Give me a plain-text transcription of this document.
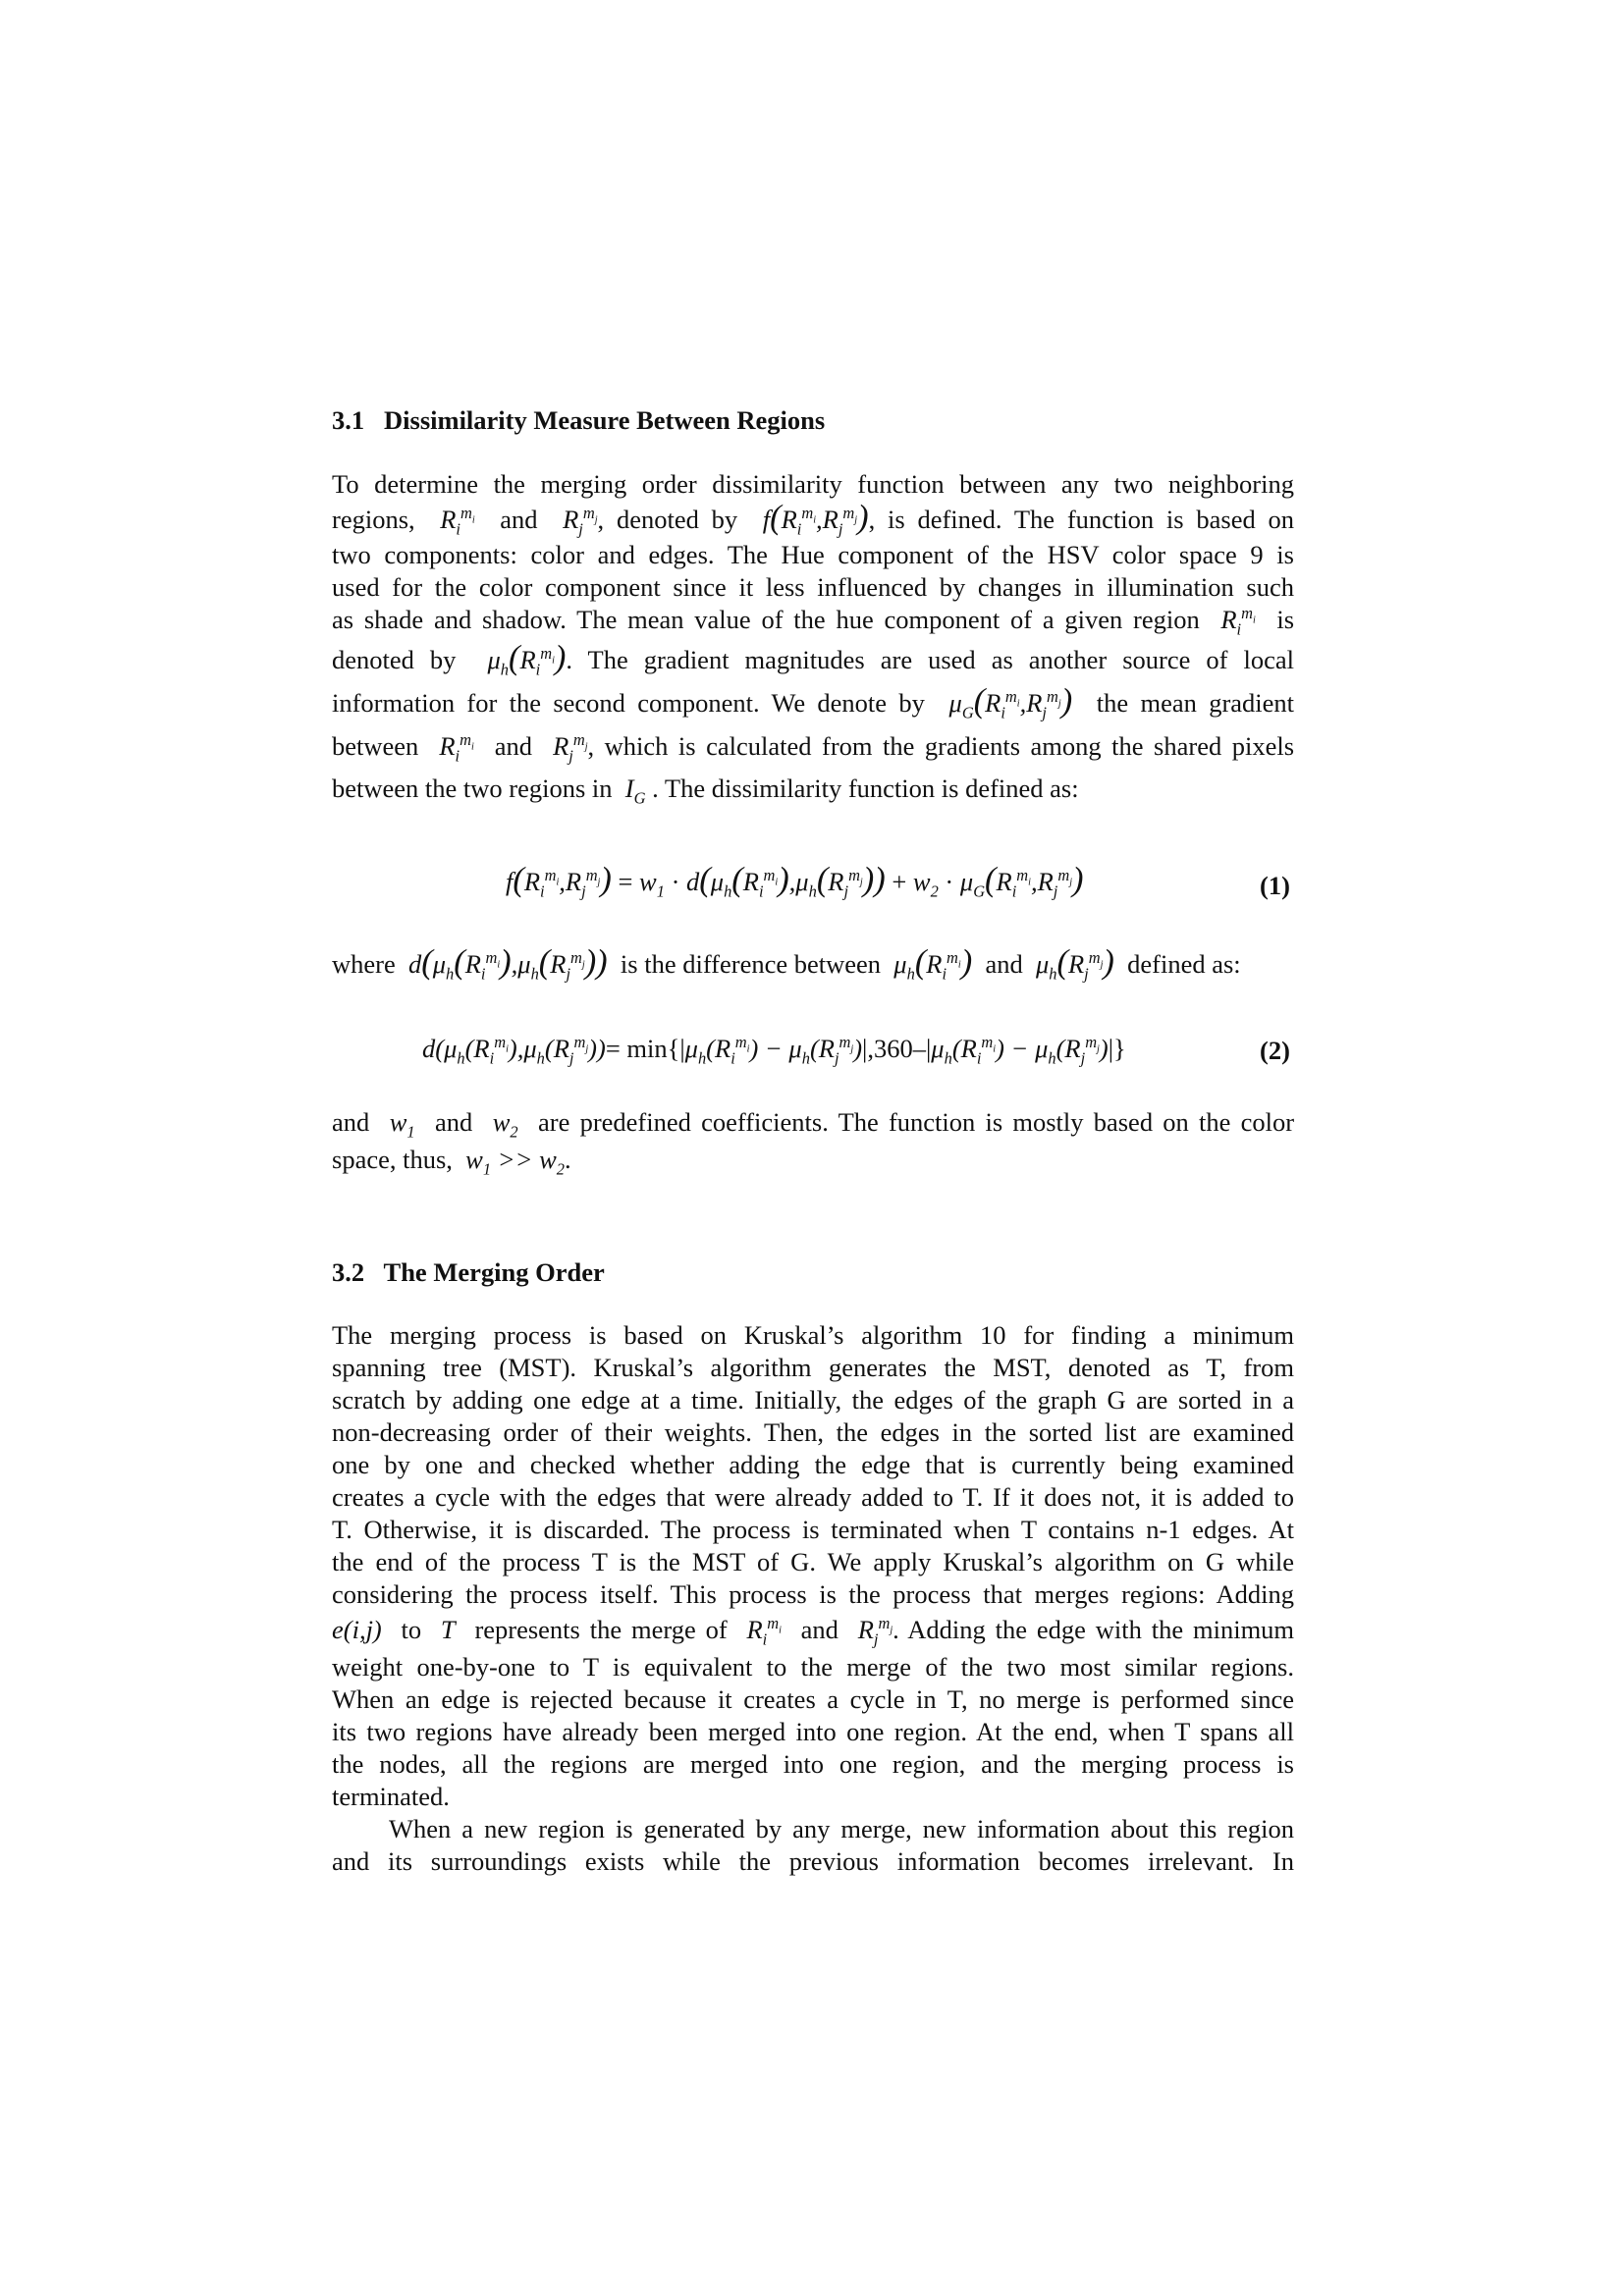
3.1   Dissimilarity Measure Between Regions
To determine the merging order dissimilarity function between any two neighboring
regions, $R_i^{m_i}$ and $R_j^{m_j}$, denoted by $f(R_i^{m_i},R_j^{m_j})$, is defined. The function is based on
two components: color and edges. The Hue component of the HSV color space 9 is
used for the color component since it less influenced by changes in illumination such
as shade and shadow. The mean value of the hue component of a given region $R_i^{m_i}$ is
denoted by $\mu_h(R_i^{m_i})$. The gradient magnitudes are used as another source of local
information for the second component. We denote by $\mu_G(R_i^{m_i},R_j^{m_j})$ the mean gradient
between $R_i^{m_i}$ and $R_j^{m_j}$, which is calculated from the gradients among the shared pixels
between the two regions in $I_G$ . The dissimilarity function is defined as:
$f(R_i^{m_i},R_j^{m_j}) = w_1 \cdot d(\mu_h(R_i^{m_i}),\mu_h(R_j^{m_j})) + w_2 \cdot \mu_G(R_i^{m_i},R_j^{m_j})$	(1)
where $d(\mu_h(R_i^{m_i}),\mu_h(R_j^{m_j}))$ is the difference between $\mu_h(R_i^{m_i})$ and $\mu_h(R_j^{m_j})$ defined as:
$d(\mu_h(R_i^{m_i}),\mu_h(R_j^{m_j}))= \min\{|\mu_h(R_i^{m_i}) - \mu_h(R_j^{m_j})|,360-|\mu_h(R_i^{m_i}) - \mu_h(R_j^{m_j})|\}$	(2)
and $w_1$ and $w_2$ are predefined coefficients. The function is mostly based on the color
space, thus, $w_1 >> w_2$.
3.2   The Merging Order
The merging process is based on Kruskal’s algorithm 10 for finding a minimum
spanning tree (MST). Kruskal’s algorithm generates the MST, denoted as T, from
scratch by adding one edge at a time. Initially, the edges of the graph G are sorted in a
non-decreasing order of their weights. Then, the edges in the sorted list are examined
one by one and checked whether adding the edge that is currently being examined
creates a cycle with the edges that were already added to T. If it does not, it is added to
T. Otherwise, it is discarded. The process is terminated when T contains n-1 edges. At
the end of the process T is the MST of G. We apply Kruskal’s algorithm on G while
considering the process itself. This process is the process that merges regions: Adding
e(i,j) to T represents the merge of $R_i^{m_i}$ and $R_j^{m_j}$. Adding the edge with the minimum
weight one-by-one to T is equivalent to the merge of the two most similar regions.
When an edge is rejected because it creates a cycle in T, no merge is performed since
its two regions have already been merged into one region. At the end, when T spans all
the nodes, all the regions are merged into one region, and the merging process is
terminated.
When a new region is generated by any merge, new information about this region
and its surroundings exists while the previous information becomes irrelevant. In
